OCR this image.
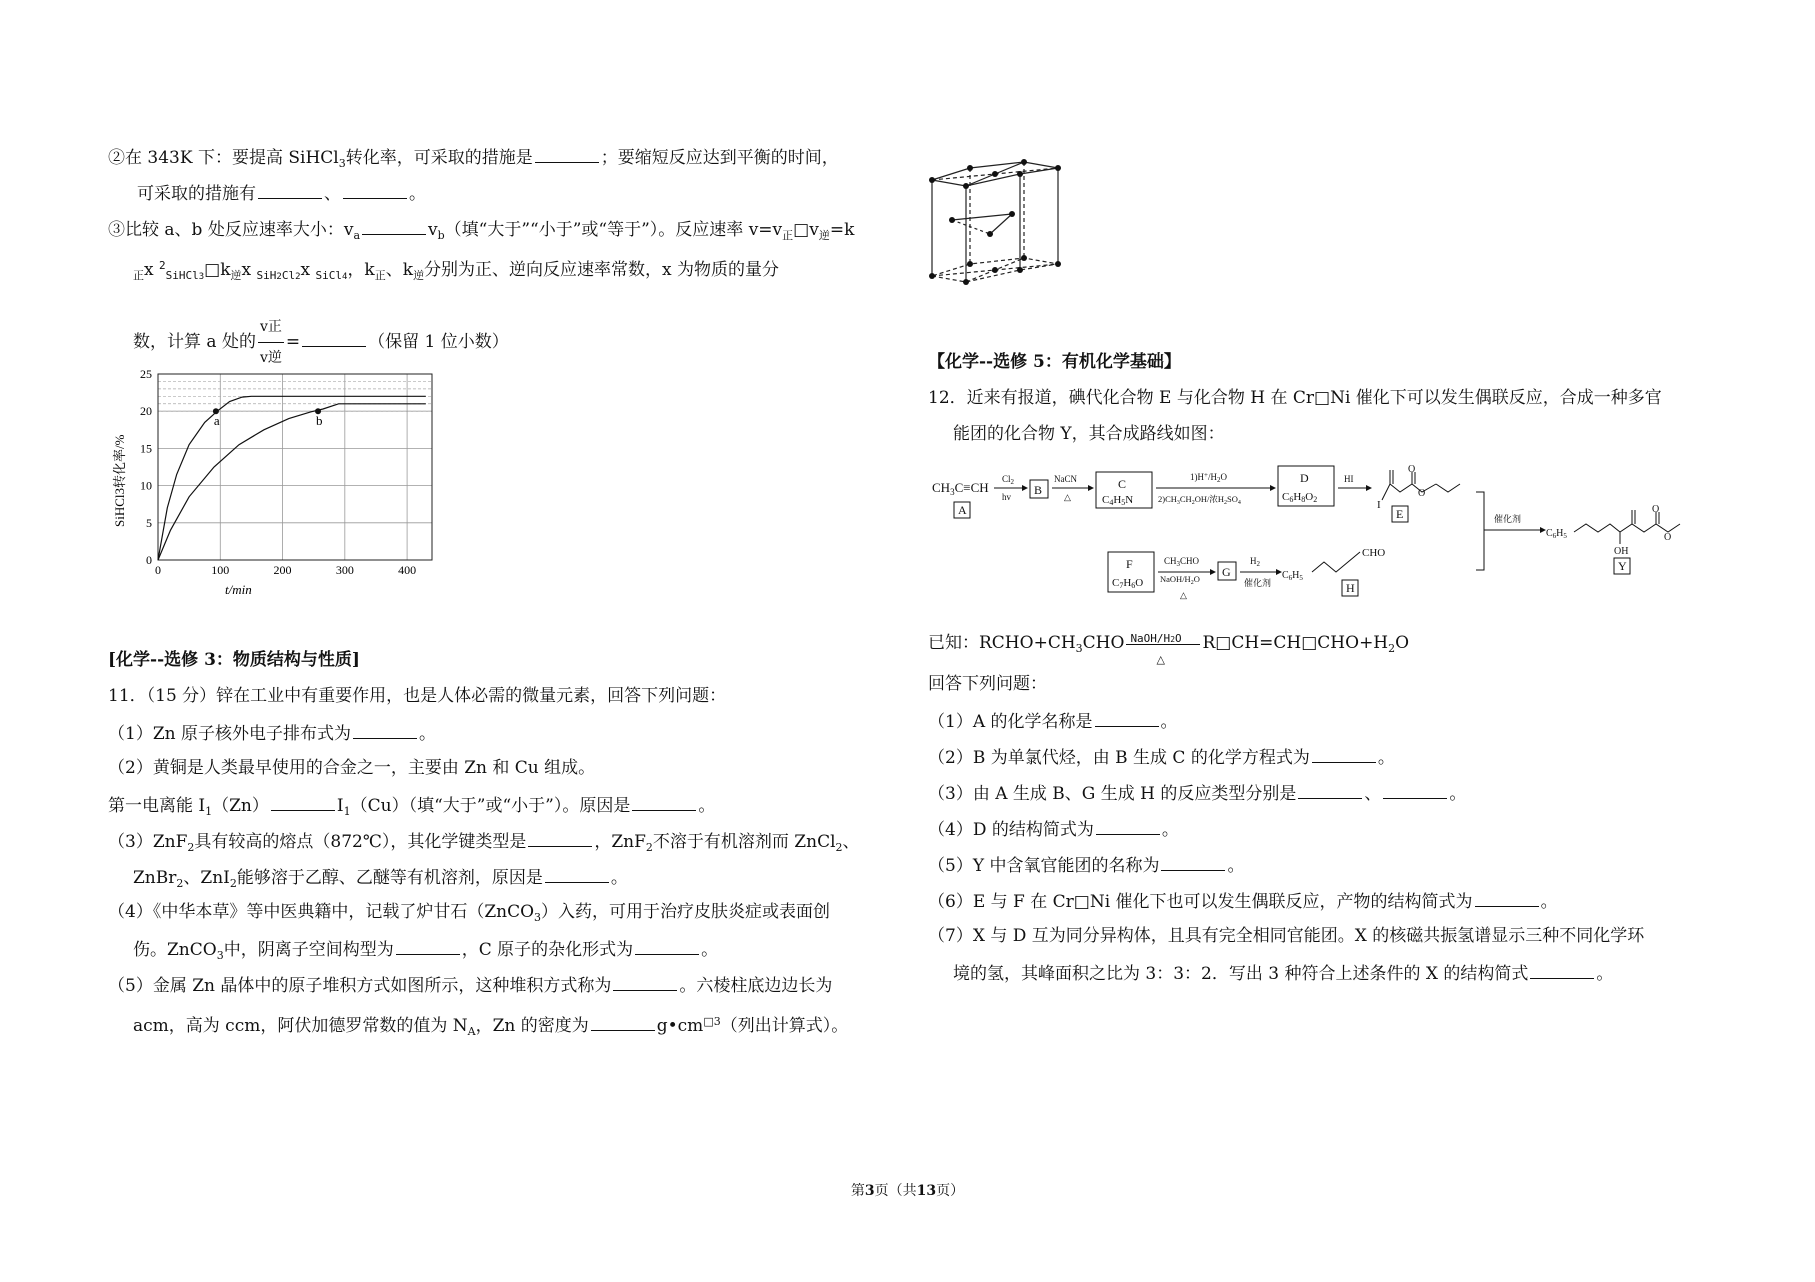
②在 343K 下：要提高 SiHCl$_3$转化率，可采取的措施是	；要缩短反应达到平衡的时间，
可采取的措施有	、	。
③比较 a、b 处反应速率大小：$v_a$	$v_b$（填“大于”“小于”或“等于”）。反应速率 $v=v_正□v_逆=k$
$_正$x $2SiHCl3□k_逆x$ $_{SiH2Cl2}$x $_{SiCl4}$，$k_正$、$k_逆$分别为正、逆向反应速率常数，x 为物质的量分
数，计算 a 处的 $\frac{\text{v正}}{\text{v逆}}$ =	（保留 1 位小数）
0	100	200	300	400
0
5
10
15
20
25
a	b
t/min
SiHCl3转化率/%
[化学--选修 3：物质结构与性质]
11．（15 分）锌在工业中有重要作用，也是人体必需的微量元素，回答下列问题：
（1）Zn 原子核外电子排布式为	。
（2）黄铜是人类最早使用的合金之一，主要由 Zn 和 Cu 组成。
第一电离能 $I_1(Zn)$	$I_1(Cu)$（填“大于”或“小于”）。原因是	。
（3）ZnF$_2$具有较高的熔点（872℃），其化学键类型是	，ZnF$_2$不溶于有机溶剂而 ZnCl$_2$、
ZnBr$_2$、ZnI$_2$能够溶于乙醇、乙醚等有机溶剂，原因是	。
（4）《中华本草》等中医典籍中，记载了炉甘石（ZnCO$_3$）入药，可用于治疗皮肤炎症或表面创
伤。ZnCO$_3$中，阴离子空间构型为	，C 原子的杂化形式为	。
（5）金属 Zn 晶体中的原子堆积方式如图所示，这种堆积方式称为	。六棱柱底边边长为
acm，高为 ccm，阿伏加德罗常数的值为 $N_A$，Zn 的密度为	$g•cm^{□3}$（列出计算式）。
【化学--选修 5：有机化学基础】
12．近来有报道，碘代化合物 E 与化合物 H 在 Cr□Ni 催化下可以发生偶联反应，合成一种多官
能团的化合物 Y，其合成路线如图：
$CH_3C\equiv CH$
A
$Cl_2$
hv B
NaCN
△
C
C4H5N
$1)H^+/H_2O$
$2)CH_3CH_2OH/$浓$H_2SO_4$
D
C6H8O2
HI
I
O
O
E	催化剂
$C_6H_5$
OH
O
O
Y
F
C7H6O
$CH_3CHO$
NaOH/$H_2O$
△
G
$H_2$
催化剂
$C_6H_5$
CHO
H
已知：$RCHO+CH_3CHO$ NaOH/H2O
△
$R□CH=CH□CHO+H_2O$
回答下列问题：
（1）A 的化学名称是	。
（2）B 为单氯代烃，由 B 生成 C 的化学方程式为	。
（3）由 A 生成 B、G 生成 H 的反应类型分别是	、	。
（4）D 的结构简式为	。
（5）Y 中含氧官能团的名称为	。
（6）E 与 F 在 Cr□Ni 催化下也可以发生偶联反应，产物的结构简式为	。
（7）X 与 D 互为同分异构体，且具有完全相同官能团。X 的核磁共振氢谱显示三种不同化学环
境的氢，其峰面积之比为 3：3：2．写出 3 种符合上述条件的 X 的结构简式	。
第3页（共13页）
